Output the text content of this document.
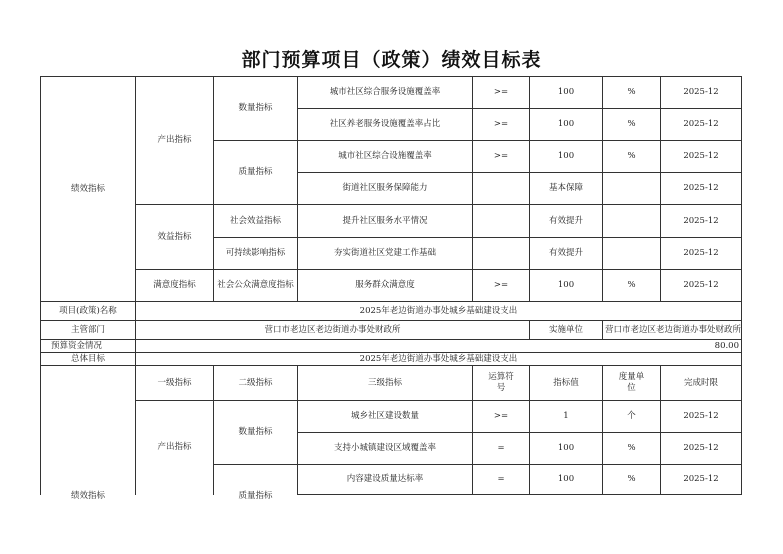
部门预算项目（政策）绩效目标表
绩效指标	产出指标	数量指标	城市社区综合服务设施覆盖率	>=	100	%	2025-12
			社区养老服务设施覆盖率占比	>=	100	%	2025-12
		质量指标	城市社区综合设施覆盖率	>=	100	%	2025-12
			街道社区服务保障能力		基本保障		2025-12
	效益指标	社会效益指标	提升社区服务水平情况		有效提升		2025-12
		可持续影响指标	夯实街道社区党建工作基础		有效提升		2025-12
	满意度指标	社会公众满意度指标	服务群众满意度	>=	100	%	2025-12
项目(政策)名称	2025年老边街道办事处城乡基础建设支出						
主管部门	营口市老边区老边街道办事处财政所				实施单位	营口市老边区老边街道办事处财政所	
预算资金情况	80.00						
总体目标	2025年老边街道办事处城乡基础建设支出						
绩效指标	一级指标	二级指标	三级指标	运算符号	指标值	度量单位	完成时限
	产出指标	数量指标	城乡社区建设数量	>=	1	个	2025-12
			支持小城镇建设区域覆盖率	=	100	%	2025-12
		质量指标	内容建设质量达标率	=	100	%	2025-12
